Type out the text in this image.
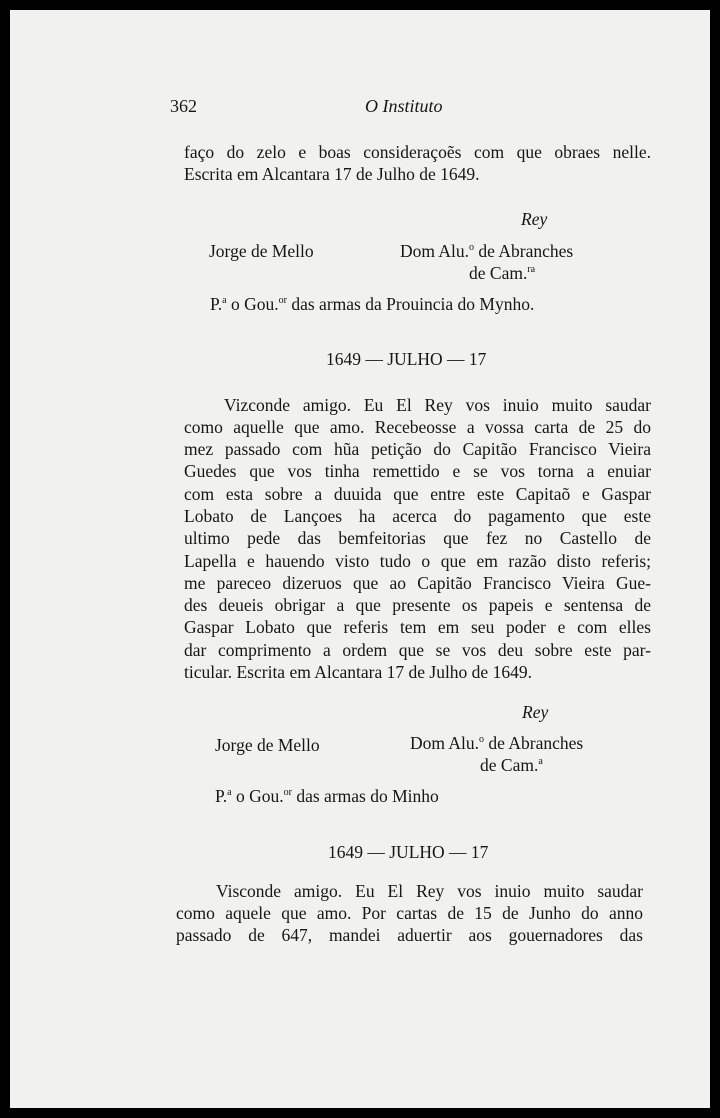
362	O Instituto
faço do zelo e boas consideraçoẽs com que obraes nelle.
Escrita em Alcantara 17 de Julho de 1649.
Rey
Jorge de Mello	Dom Alu.$^o$ de Abranches
de Cam.$^{ra}$
P.$^a$ o Gou.$^{or}$ das armas da Prouincia do Mynho.
1649 — JULHO — 17
Vizconde amigo. Eu El Rey vos inuio muito saudar
como aquelle que amo. Recebeosse a vossa carta de 25 do
mez passado com hũa petição do Capitão Francisco Vieira
Guedes que vos tinha remettido e se vos torna a enuiar
com esta sobre a duuida que entre este Capitaõ e Gaspar
Lobato de Lançoes ha acerca do pagamento que este
ultimo pede das bemfeitorias que fez no Castello de
Lapella e hauendo visto tudo o que em razão disto referis;
me pareceo dizeruos que ao Capitão Francisco Vieira Gue-
des deueis obrigar a que presente os papeis e sentensa de
Gaspar Lobato que referis tem em seu poder e com elles
dar comprimento a ordem que se vos deu sobre este par-
ticular. Escrita em Alcantara 17 de Julho de 1649.
Rey
Jorge de Mello	Dom Alu.$^o$ de Abranches
de Cam.$^a$
P.$^a$ o Gou.$^{or}$ das armas do Minho
1649 — JULHO — 17
Visconde amigo. Eu El Rey vos inuio muito saudar
como aquele que amo. Por cartas de 15 de Junho do anno
passado de 647, mandei aduertir aos gouernadores das
